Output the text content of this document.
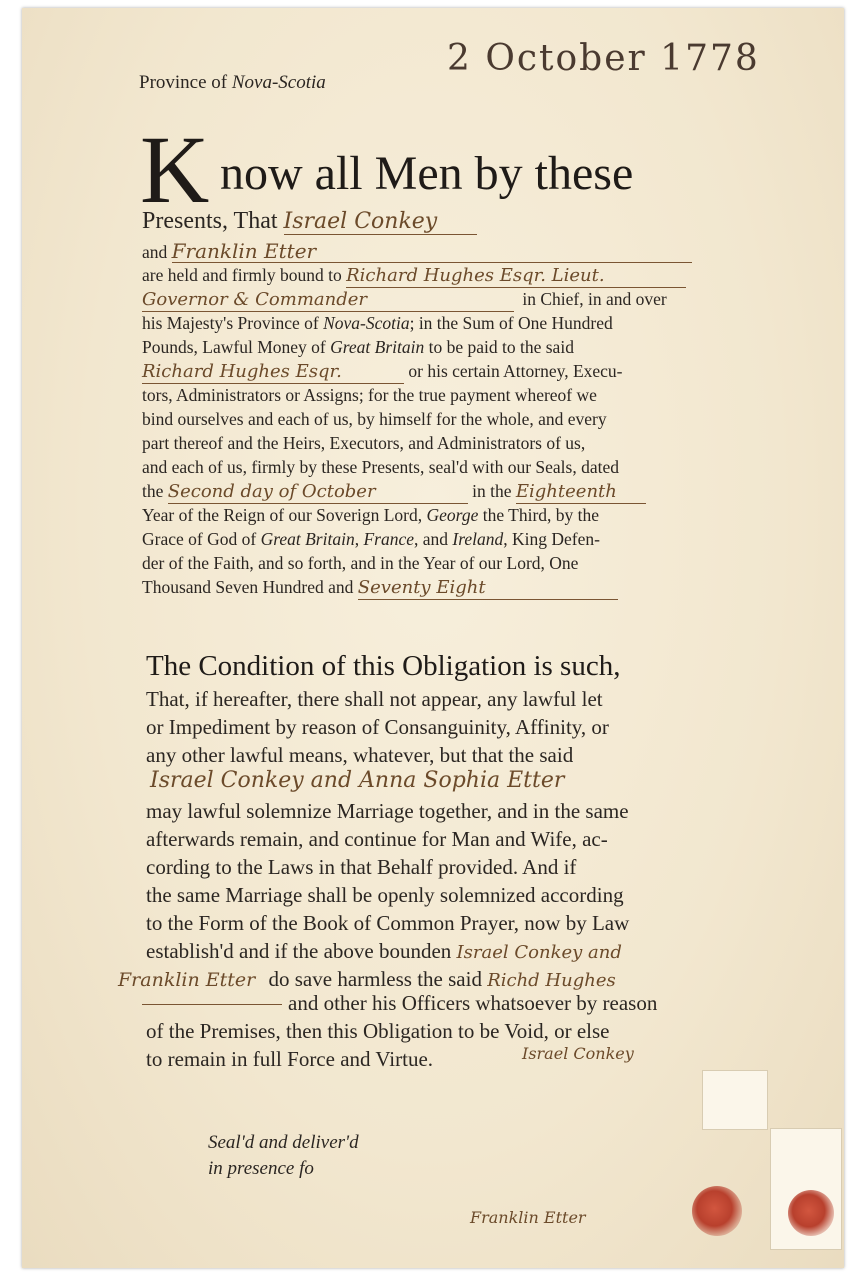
Province of Nova-Scotia
2 October 1778
K now all Men by these
Presents, That Israel Conkey
and Franklin Etter
are held and firmly bound to Richard Hughes Esqr. Lieut.
Governor & Commander	in Chief, in and over
his Majesty's Province of Nova-Scotia; in the Sum of One Hundred
Pounds, Lawful Money of Great Britain to be paid to the said
Richard Hughes Esqr.	or his certain Attorney, Execu-
tors, Administrators or Assigns; for the true payment whereof we
bind ourselves and each of us, by himself for the whole, and every
part thereof and the Heirs, Executors, and Administrators of us,
and each of us, firmly by these Presents, seal'd with our Seals, dated
the Second day of October	in the Eighteenth
Year of the Reign of our Soverign Lord, George the Third, by the
Grace of God of Great Britain, France, and Ireland, King Defen-
der of the Faith, and so forth, and in the Year of our Lord, One
Thousand Seven Hundred and Seventy Eight
The Condition of this Obligation is such,
That, if hereafter, there shall not appear, any lawful let
or Impediment by reason of Consanguinity, Affinity, or
any other lawful means, whatever, but that the said
Israel Conkey and Anna Sophia Etter
may lawful solemnize Marriage together, and in the same
afterwards remain, and continue for Man and Wife, ac-
cording to the Laws in that Behalf provided. And if
the same Marriage shall be openly solemnized according
to the Form of the Book of Common Prayer, now by Law
establish'd and if the above bounden Israel Conkey and
Franklin Etter do save harmless the said Richd Hughes
and other his Officers whatsoever by reason
of the Premises, then this Obligation to be Void, or else
to remain in full Force and Virtue.	Israel Conkey
Franklin Etter
Seal'd and deliver'd
in presence fo
